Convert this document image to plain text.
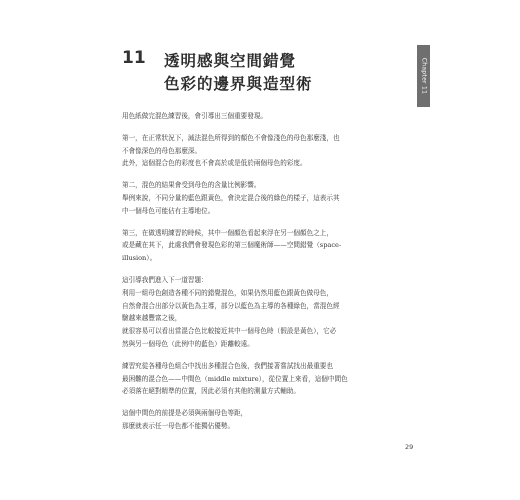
11 透明感與空間錯覺
色彩的邊界與造型術	Chapter 11

用色紙做完混色練習後，會引導出三個重要發現。

第一，在正常狀況下，減法混色所得到的顏色不會像淺色的母色那麼淺，也

不會像深色的母色那麼深。

此外，這個混合色的彩度也不會高於或是低於兩個母色的彩度。

第二，混色的結果會受到母色的含量比例影響。

舉例來說，不同分量的藍色跟黃色，會決定混合後的綠色的樣子，這表示其

中一個母色可能佔有主導地位。

第三，在做透明練習的時候，其中一個顏色看起來浮在另一個顏色之上，

或是藏在其下，此處我們會發現色彩的第三個魔術師——空間錯覺（space-

illusion）。

這引導我們進入下一道習題：

利用一組母色創造各種不同的錯覺混色，如果仍然用藍色跟黃色做母色，

自然會混合出部分以黃色為主導，部分以藍色為主導的各種綠色，當混色經

驗越來越豐富之後，

就很容易可以看出當混合色比較接近其中一個母色時（假設是黃色），它必

然與另一個母色（此例中的藍色）距離較遠。

練習究從各種母色組合中找出多種混合色後，我們接著嘗試找出最重要也

最困難的混合色——中間色（middle mixture），從位置上來看，這個中間色

必須落在絕對精準的位置，因此必須有其他的測量方式輔助。

這個中間色的前提是必須與兩個母色等距，

那麼就表示任一母色都不能獨佔優勢。

29
